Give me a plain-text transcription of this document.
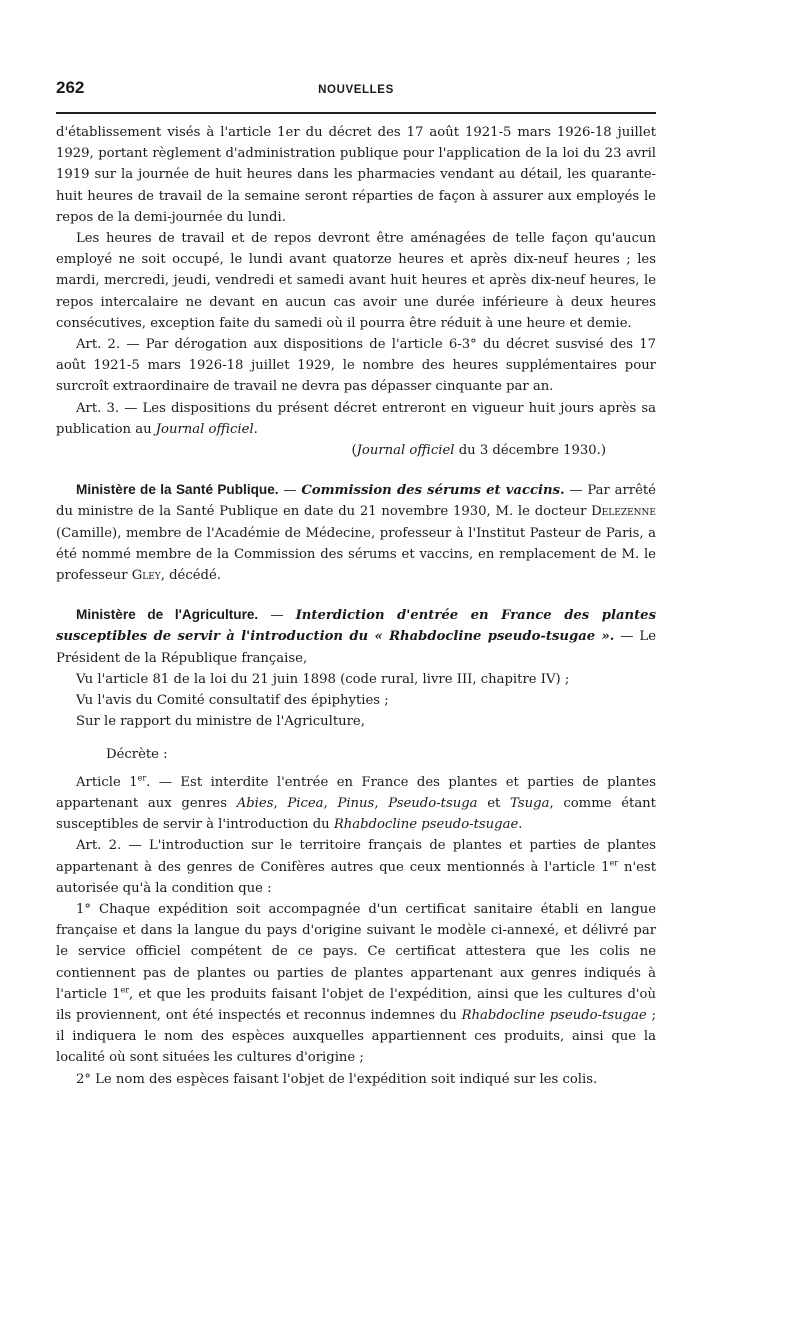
262	NOUVELLES

d'établissement visés à l'article 1er du décret des 17 août 1921-5 mars 1926-18 juillet 1929, portant règlement d'administration publique pour l'application de la loi du 23 avril 1919 sur la journée de huit heures dans les pharmacies vendant au détail, les quarante-huit heures de travail de la semaine seront réparties de façon à assurer aux employés le repos de la demi-journée du lundi.

Les heures de travail et de repos devront être aménagées de telle façon qu'aucun employé ne soit occupé, le lundi avant quatorze heures et après dix-neuf heures ; les mardi, mercredi, jeudi, vendredi et samedi avant huit heures et après dix-neuf heures, le repos intercalaire ne devant en aucun cas avoir une durée inférieure à deux heures consécutives, exception faite du samedi où il pourra être réduit à une heure et demie.

Art. 2. — Par dérogation aux dispositions de l'article 6-3° du décret susvisé des 17 août 1921-5 mars 1926-18 juillet 1929, le nombre des heures supplémentaires pour surcroît extraordinaire de travail ne devra pas dépasser cinquante par an.

Art. 3. — Les dispositions du présent décret entreront en vigueur huit jours après sa publication au Journal officiel.

(Journal officiel du 3 décembre 1930.)

Ministère de la Santé Publique. — Commission des sérums et vaccins. — Par arrêté du ministre de la Santé Publique en date du 21 novembre 1930, M. le docteur Delezenne (Camille), membre de l'Académie de Médecine, professeur à l'Institut Pasteur de Paris, a été nommé membre de la Commission des sérums et vaccins, en remplacement de M. le professeur Gley, décédé.

Ministère de l'Agriculture. — Interdiction d'entrée en France des plantes susceptibles de servir à l'introduction du « Rhabdocline pseudo-tsugae ». — Le Président de la République française,

Vu l'article 81 de la loi du 21 juin 1898 (code rural, livre III, chapitre IV) ;

Vu l'avis du Comité consultatif des épiphyties ;

Sur le rapport du ministre de l'Agriculture,

Décrète :

Article 1er. — Est interdite l'entrée en France des plantes et parties de plantes appartenant aux genres Abies, Picea, Pinus, Pseudo-tsuga et Tsuga, comme étant susceptibles de servir à l'introduction du Rhabdocline pseudo-tsugae.

Art. 2. — L'introduction sur le territoire français de plantes et parties de plantes appartenant à des genres de Conifères autres que ceux mentionnés à l'article 1er n'est autorisée qu'à la condition que :

1° Chaque expédition soit accompagnée d'un certificat sanitaire établi en langue française et dans la langue du pays d'origine suivant le modèle ci-annexé, et délivré par le service officiel compétent de ce pays. Ce certificat attestera que les colis ne contiennent pas de plantes ou parties de plantes appartenant aux genres indiqués à l'article 1er, et que les produits faisant l'objet de l'expédition, ainsi que les cultures d'où ils proviennent, ont été inspectés et reconnus indemnes du Rhabdocline pseudo-tsugae ; il indiquera le nom des espèces auxquelles appartiennent ces produits, ainsi que la localité où sont situées les cultures d'origine ;

2° Le nom des espèces faisant l'objet de l'expédition soit indiqué sur les colis.
